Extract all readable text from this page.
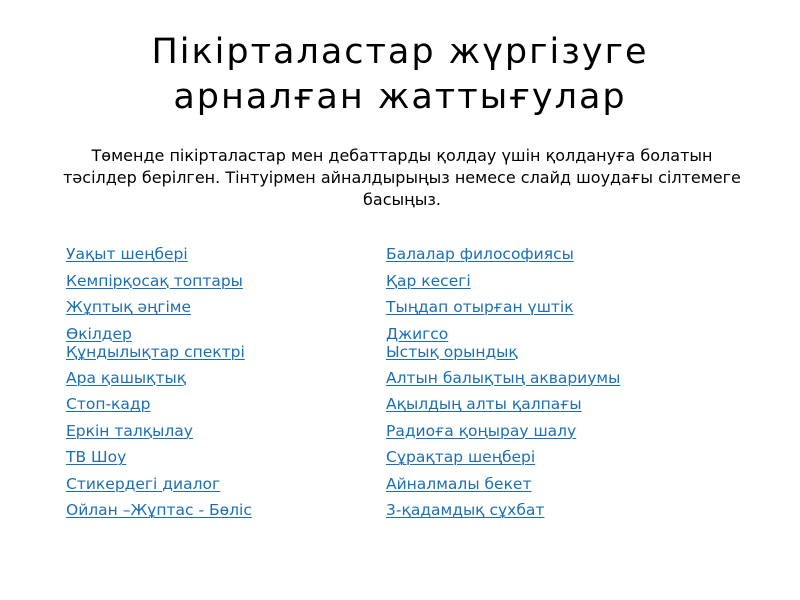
Пікірталастар жүргізуге
арналған жаттығулар

Төменде пікірталастар мен дебаттарды қолдау үшін қолдануға болатын тәсілдер берілген. Тінтуірмен айналдырыңыз немесе слайд шоудағы сілтемеге басыңыз.

Уақыт шеңбері
Кемпірқосақ топтары
Жұптық әңгіме
Өкілдер
Құндылықтар спектрі
Ара қашықтық
Стоп-кадр
Еркін талқылау
ТВ Шоу
Стикердегі диалог
Ойлан –Жұптас - Бөліс
Балалар философиясы
Қар кесегі
Тыңдап отырған үштік
Джигсо
Ыстық орындық
Алтын балықтың аквариумы
Ақылдың алты қалпағы
Радиоға қоңырау шалу
Сұрақтар шеңбері
Айналмалы бекет
3-қадамдық сұхбат
